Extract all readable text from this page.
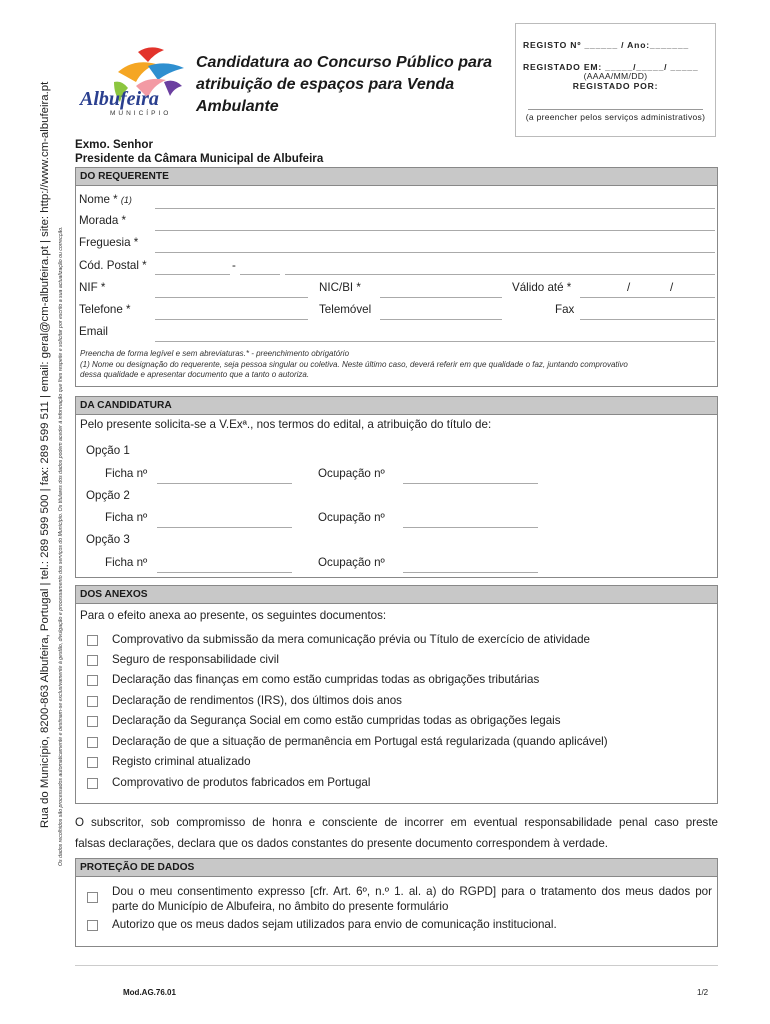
Rua do Município, 8200-863 Albufeira, Portugal | tel.: 289 599 500 | fax: 289 599 511 | email: geral@cm-albufeira.pt | site: http://www.cm-albufeira.pt Os dados recolhidos são processados automaticamente e destinam-se exclusivamente à gestão, divulgação e processamento dos serviços do Município. Os titulares dos dados podem aceder à informação que lhes respeite e solicitar por escrito a sua actualização ou correcção.
Albufeira
MUNICÍPIO
Candidatura ao Concurso Público para atribuição de espaços para Venda Ambulante
REGISTO Nº ______ / Ano:_______
REGISTADO EM: _____/_____/ _____
(AAAA/MM/DD)
REGISTADO POR:
(a preencher pelos serviços administrativos)
Exmo. Senhor
Presidente da Câmara Municipal de Albufeira
DO REQUERENTE
Nome * (1)
Morada *
Freguesia *
Cód. Postal *	-
NIF *	NIC/BI *	Válido até *	/	/
Telefone *	Telemóvel	Fax
Email
Preencha de forma legível e sem abreviaturas.* - preenchimento obrigatório
(1) Nome ou designação do requerente, seja pessoa singular ou coletiva. Neste último caso, deverá referir em que qualidade o faz, juntando comprovativo
dessa qualidade e apresentar documento que a tanto o autoriza.
DA CANDIDATURA
Pelo presente solicita-se a V.Exª., nos termos do edital, a atribuição do título de:
Opção 1
Ficha nº	Ocupação nº
Opção 2
Ficha nº	Ocupação nº
Opção 3
Ficha nº	Ocupação nº
DOS ANEXOS
Para o efeito anexa ao presente, os seguintes documentos:
Comprovativo da submissão da mera comunicação prévia ou Título de exercício de atividade
Seguro de responsabilidade civil
Declaração das finanças em como estão cumpridas todas as obrigações tributárias
Declaração de rendimentos (IRS), dos últimos dois anos
Declaração da Segurança Social em como estão cumpridas todas as obrigações legais
Declaração de que a situação de permanência em Portugal está regularizada (quando aplicável)
Registo criminal atualizado
Comprovativo de produtos fabricados em Portugal
O subscritor, sob compromisso de honra e consciente de incorrer em eventual responsabilidade penal caso preste
falsas declarações, declara que os dados constantes do presente documento correspondem à verdade.
PROTEÇÃO DE DADOS
Dou o meu consentimento expresso [cfr. Art. 6º, n.º 1. al. a) do RGPD] para o tratamento dos meus dados por
parte do Município de Albufeira, no âmbito do presente formulário
Autorizo que os meus dados sejam utilizados para envio de comunicação institucional.
Mod.AG.76.01	1/2
